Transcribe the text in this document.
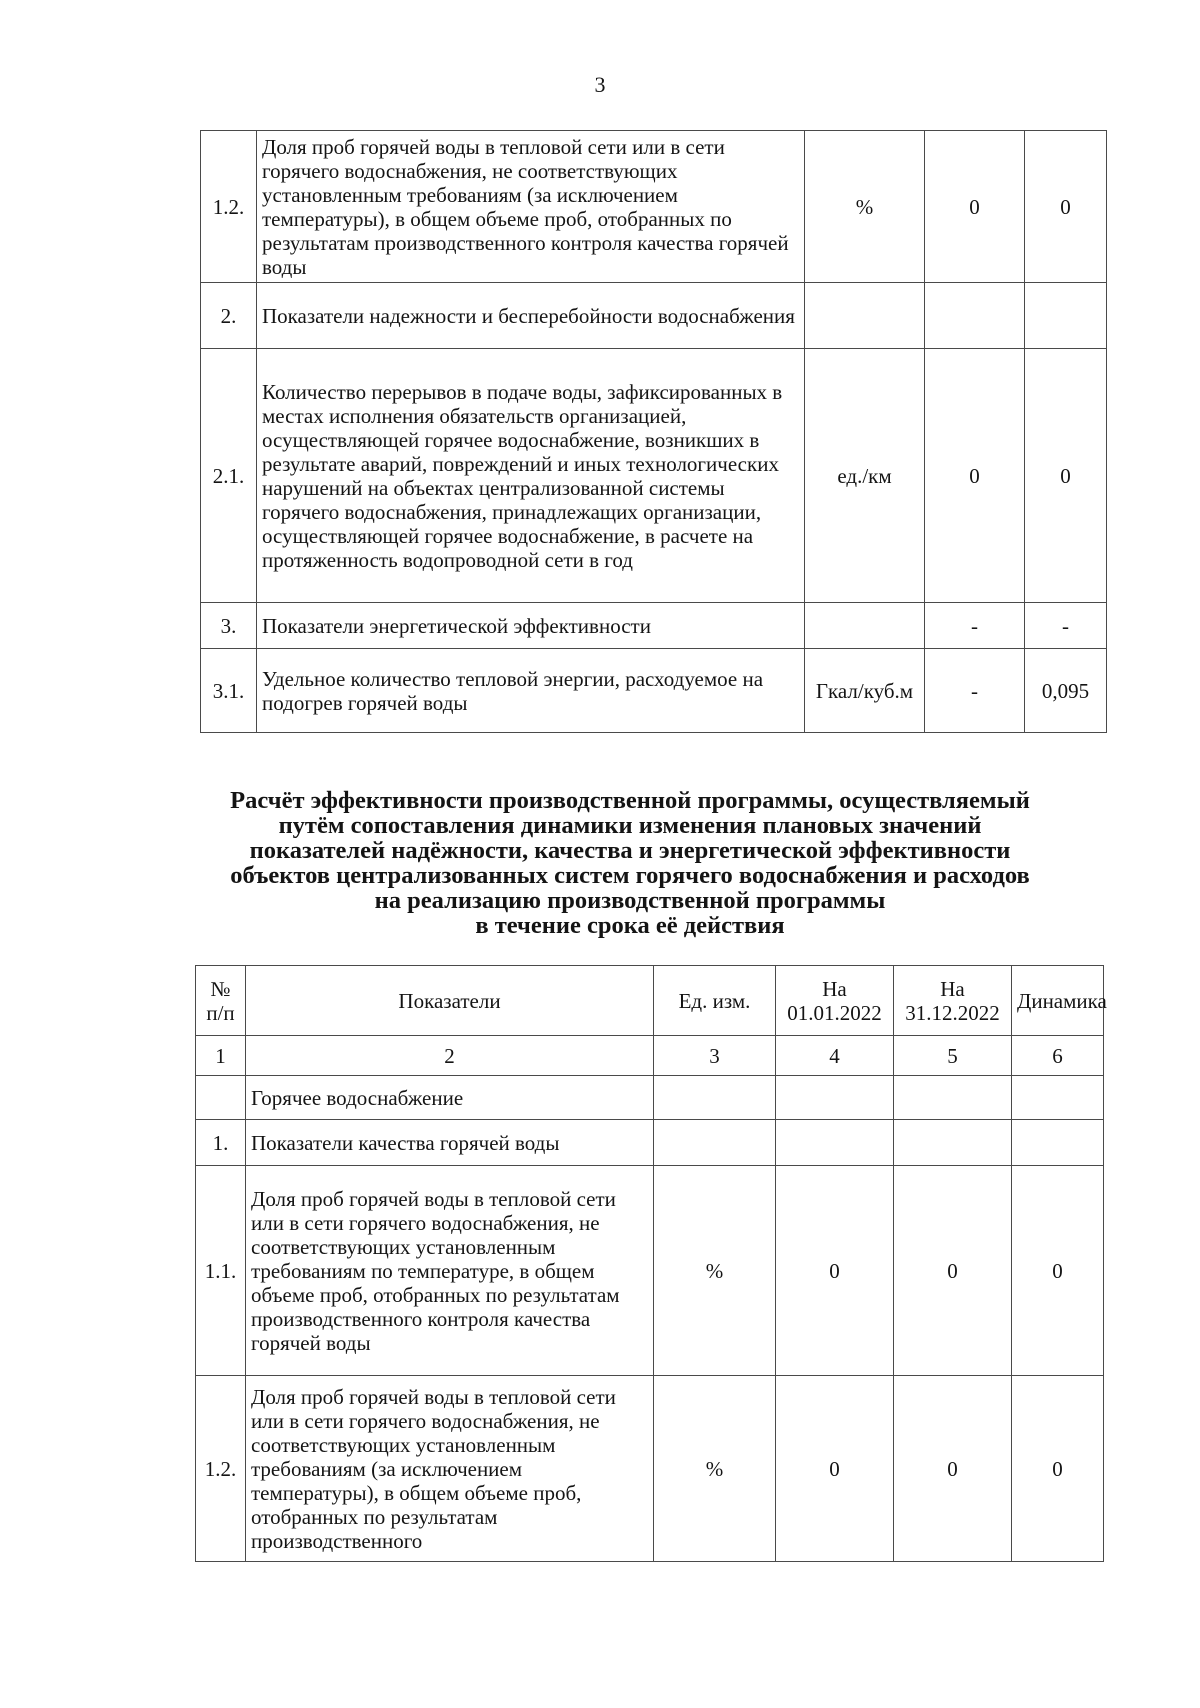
3
1.2.	Доля проб горячей воды в тепловой сети или в сети горячего водоснабжения, не соответствующих установленным требованиям (за исключением температуры), в общем объеме проб, отобранных по результатам производственного контроля качества горячей воды	%	0	0
2.	Показатели надежности и бесперебойности водоснабжения			
2.1.	Количество перерывов в подаче воды, зафиксированных в местах исполнения обязательств организацией, осуществляющей горячее водоснабжение, возникших в результате аварий, повреждений и иных технологических нарушений на объектах централизованной системы горячего водоснабжения, принадлежащих организации, осуществляющей горячее водоснабжение, в расчете на протяженность водопроводной сети в год	ед./км	0	0
3.	Показатели энергетической эффективности		-	-
3.1.	Удельное количество тепловой энергии, расходуемое на подогрев горячей воды	Гкал/куб.м	-	0,095
Расчёт эффективности производственной программы, осуществляемый
путём сопоставления динамики изменения плановых значений
показателей надёжности, качества и энергетической эффективности
объектов централизованных систем горячего водоснабжения и расходов
на реализацию производственной программы
в течение срока её действия
№ п/п	Показатели	Ед. изм.	На 01.01.2022	На 31.12.2022	Динамика
1	2	3	4	5	6
	Горячее водоснабжение				
1.	Показатели качества горячей воды				
1.1.	Доля проб горячей воды в тепловой сети или в сети горячего водоснабжения, не соответствующих установленным требованиям по температуре, в общем объеме проб, отобранных по результатам производственного контроля качества горячей воды	%	0	0	0
1.2.	Доля проб горячей воды в тепловой сети или в сети горячего водоснабжения, не соответствующих установленным требованиям (за исключением температуры), в общем объеме проб, отобранных по результатам производственного	%	0	0	0
